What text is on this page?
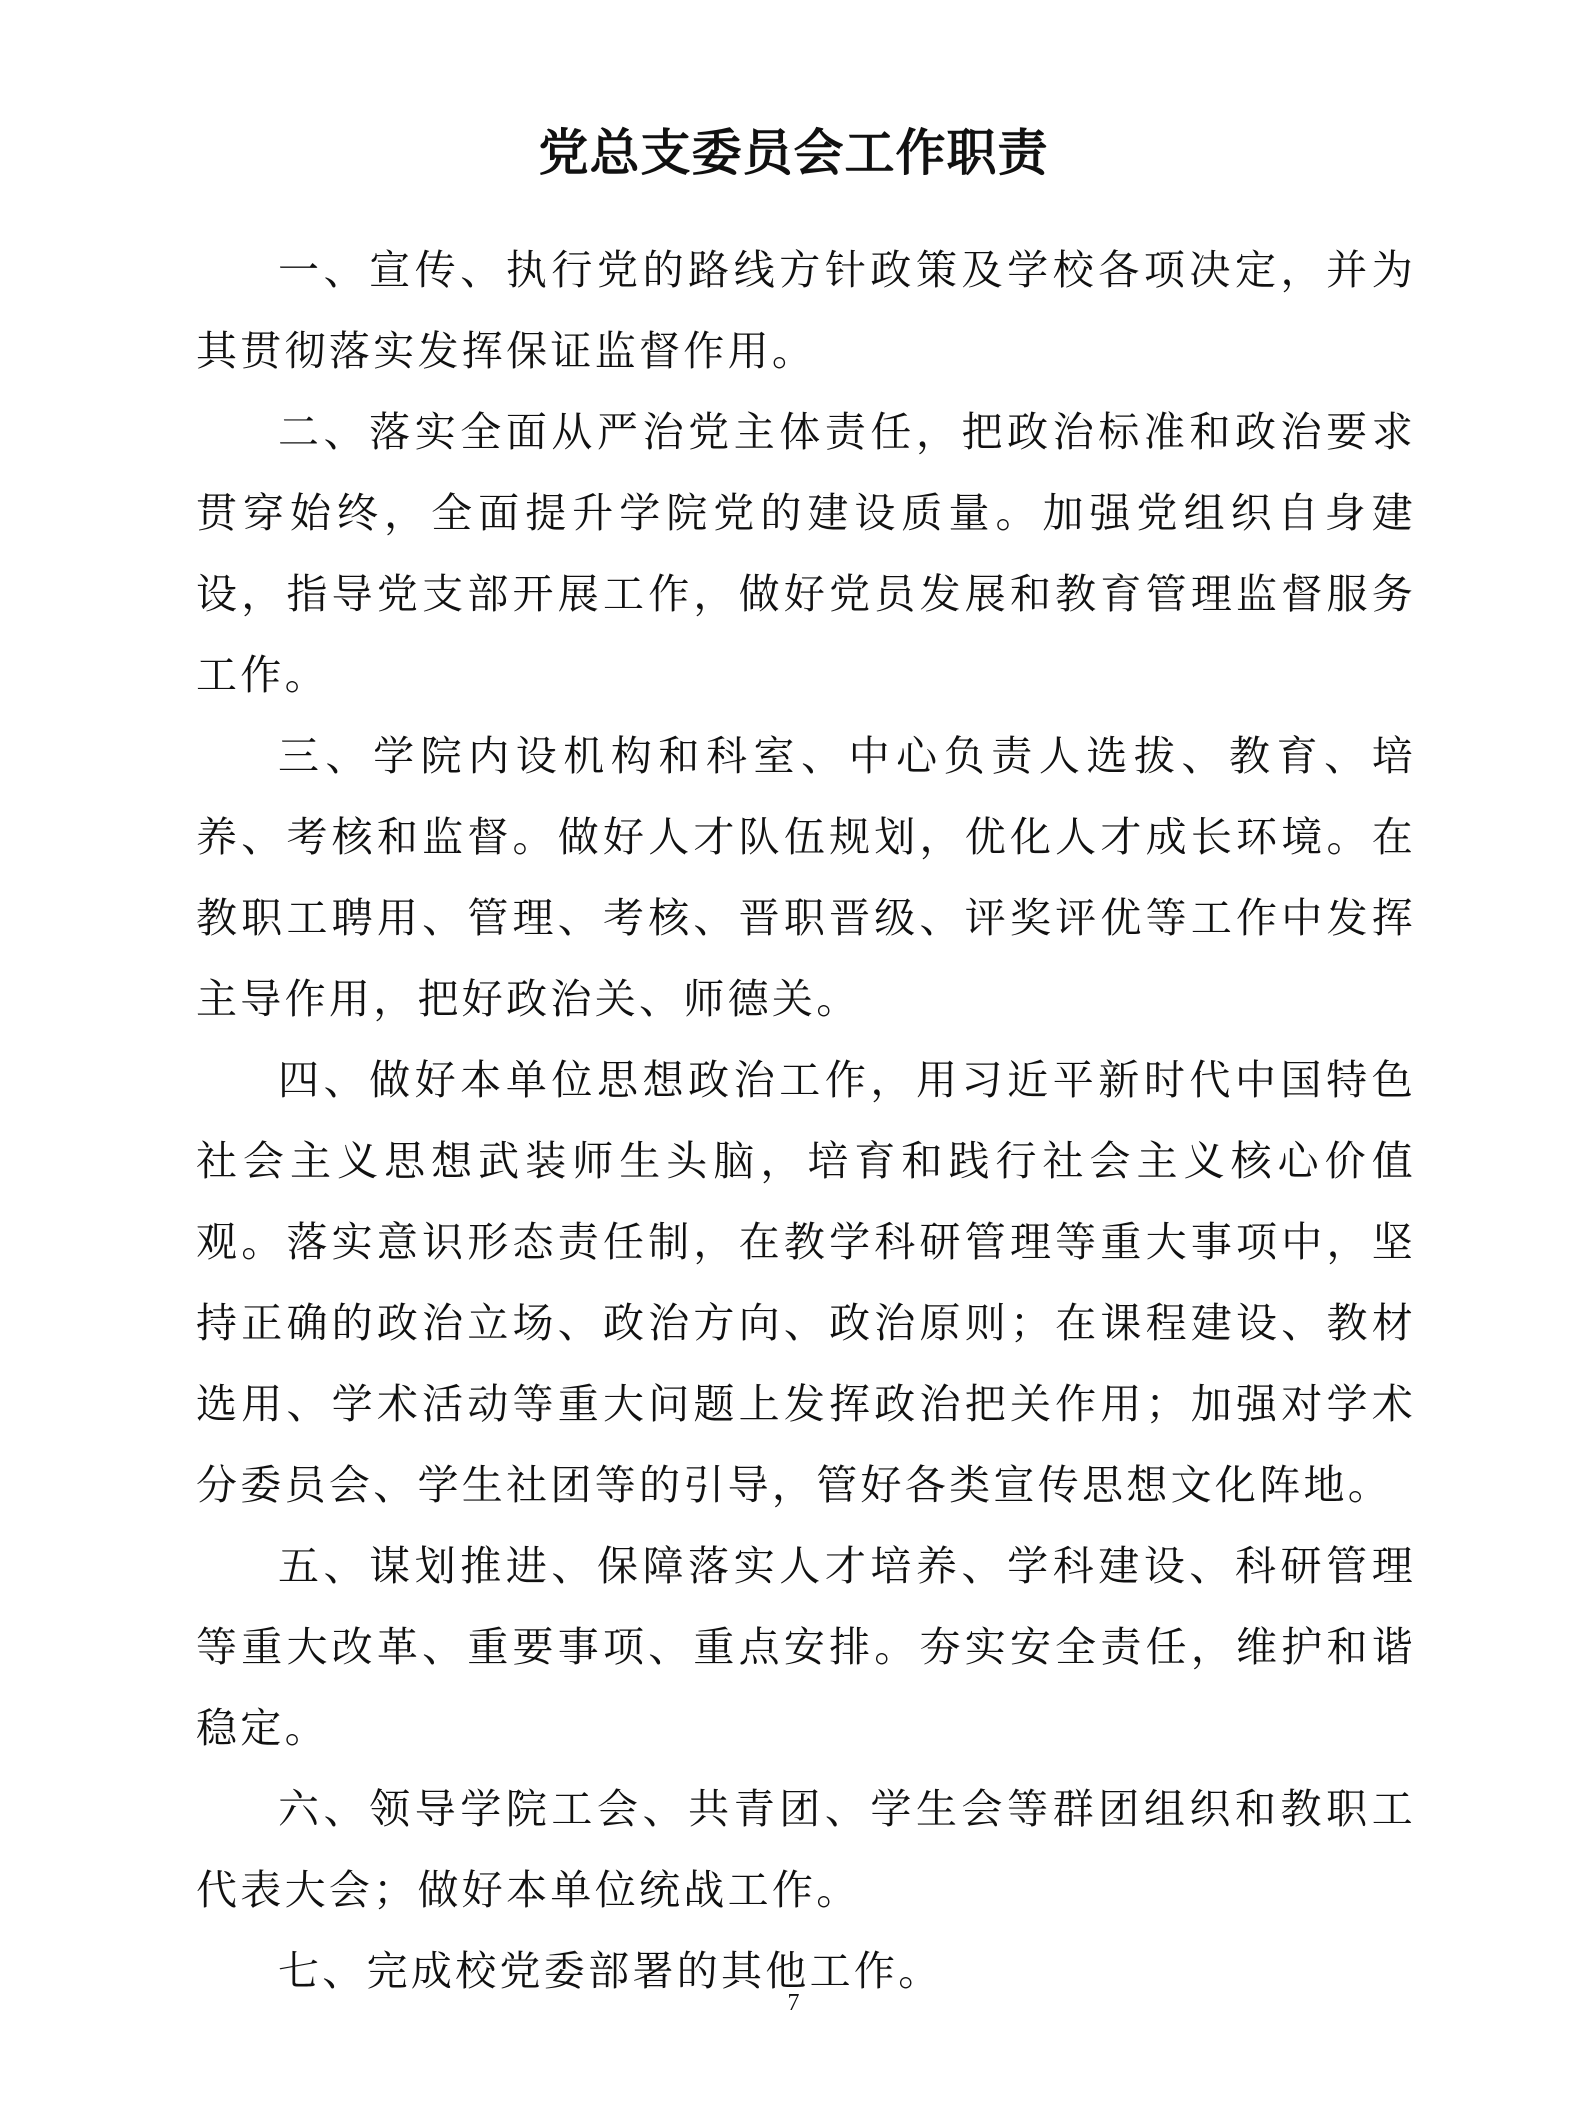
党总支委员会工作职责

一、宣传、执行党的路线方针政策及学校各项决定，并为其贯彻落实发挥保证监督作用。

二、落实全面从严治党主体责任，把政治标准和政治要求贯穿始终，全面提升学院党的建设质量。加强党组织自身建设，指导党支部开展工作，做好党员发展和教育管理监督服务工作。

三、学院内设机构和科室、中心负责人选拔、教育、培养、考核和监督。做好人才队伍规划，优化人才成长环境。在教职工聘用、管理、考核、晋职晋级、评奖评优等工作中发挥主导作用，把好政治关、师德关。

四、做好本单位思想政治工作，用习近平新时代中国特色社会主义思想武装师生头脑，培育和践行社会主义核心价值观。落实意识形态责任制，在教学科研管理等重大事项中，坚持正确的政治立场、政治方向、政治原则；在课程建设、教材选用、学术活动等重大问题上发挥政治把关作用；加强对学术分委员会、学生社团等的引导，管好各类宣传思想文化阵地。

五、谋划推进、保障落实人才培养、学科建设、科研管理等重大改革、重要事项、重点安排。夯实安全责任，维护和谐稳定。

六、领导学院工会、共青团、学生会等群团组织和教职工代表大会；做好本单位统战工作。

七、完成校党委部署的其他工作。

7
